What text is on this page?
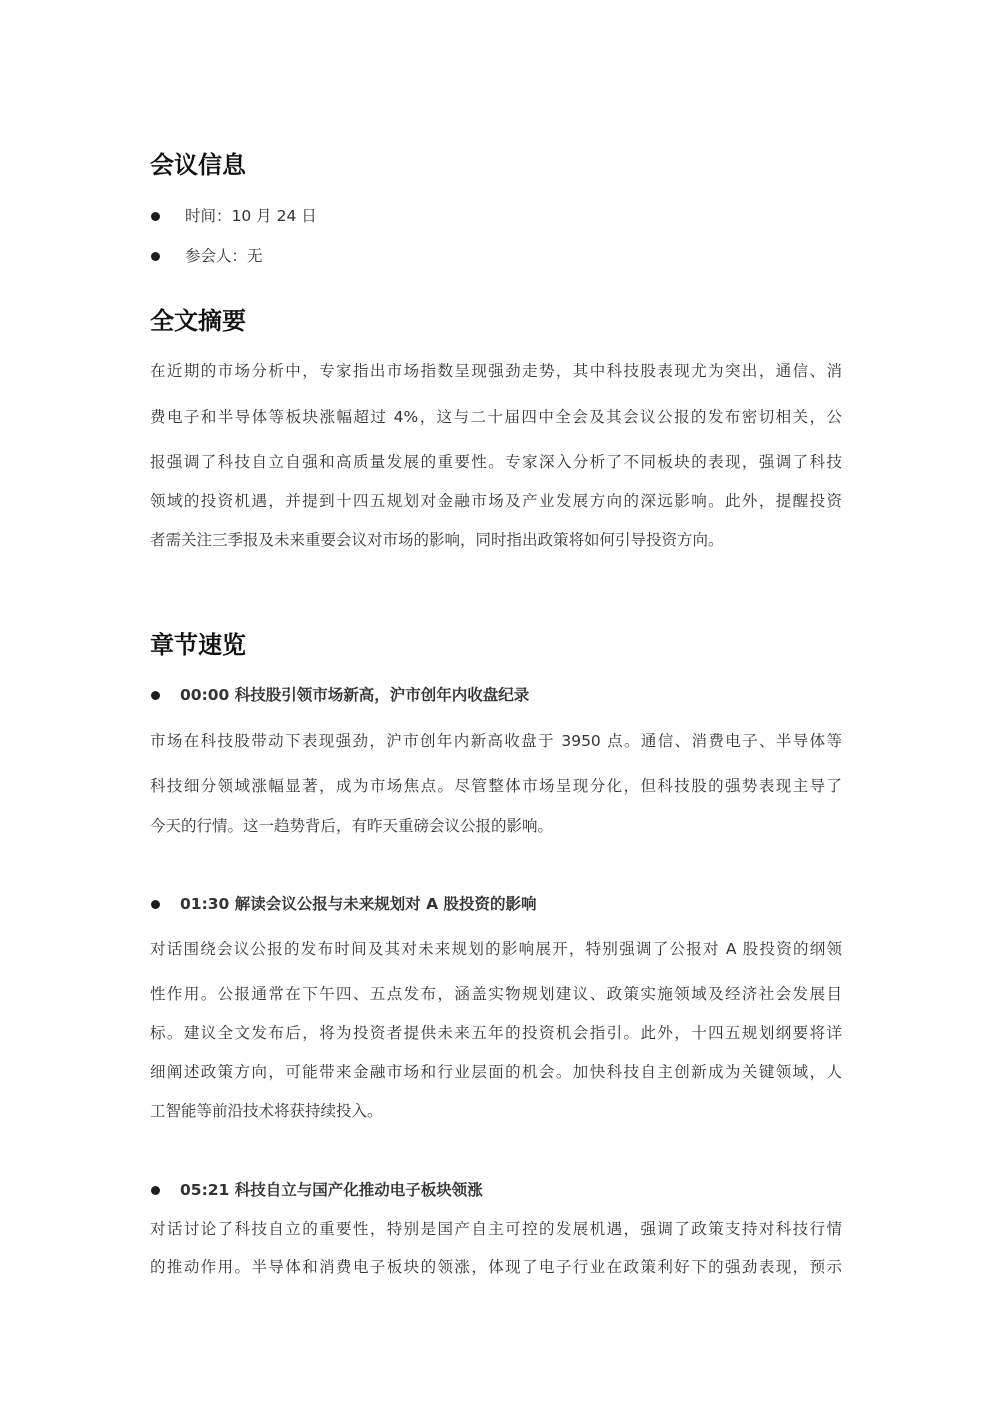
会议信息
时间：10 月 24 日
参会人：无
全文摘要
在近期的市场分析中，专家指出市场指数呈现强劲走势，其中科技股表现尤为突出，通信、消
费电子和半导体等板块涨幅超过 4%，这与二十届四中全会及其会议公报的发布密切相关，公
报强调了科技自立自强和高质量发展的重要性。专家深入分析了不同板块的表现，强调了科技
领域的投资机遇，并提到十四五规划对金融市场及产业发展方向的深远影响。此外，提醒投资
者需关注三季报及未来重要会议对市场的影响，同时指出政策将如何引导投资方向。
章节速览
00:00 科技股引领市场新高，沪市创年内收盘纪录
市场在科技股带动下表现强劲，沪市创年内新高收盘于 3950 点。通信、消费电子、半导体等
科技细分领域涨幅显著，成为市场焦点。尽管整体市场呈现分化，但科技股的强势表现主导了
今天的行情。这一趋势背后，有昨天重磅会议公报的影响。
01:30 解读会议公报与未来规划对 A 股投资的影响
对话围绕会议公报的发布时间及其对未来规划的影响展开，特别强调了公报对 A 股投资的纲领
性作用。公报通常在下午四、五点发布，涵盖实物规划建议、政策实施领域及经济社会发展目
标。建议全文发布后，将为投资者提供未来五年的投资机会指引。此外，十四五规划纲要将详
细阐述政策方向，可能带来金融市场和行业层面的机会。加快科技自主创新成为关键领域，人
工智能等前沿技术将获持续投入。
05:21 科技自立与国产化推动电子板块领涨
对话讨论了科技自立的重要性，特别是国产自主可控的发展机遇，强调了政策支持对科技行情
的推动作用。半导体和消费电子板块的领涨，体现了电子行业在政策利好下的强劲表现，预示
